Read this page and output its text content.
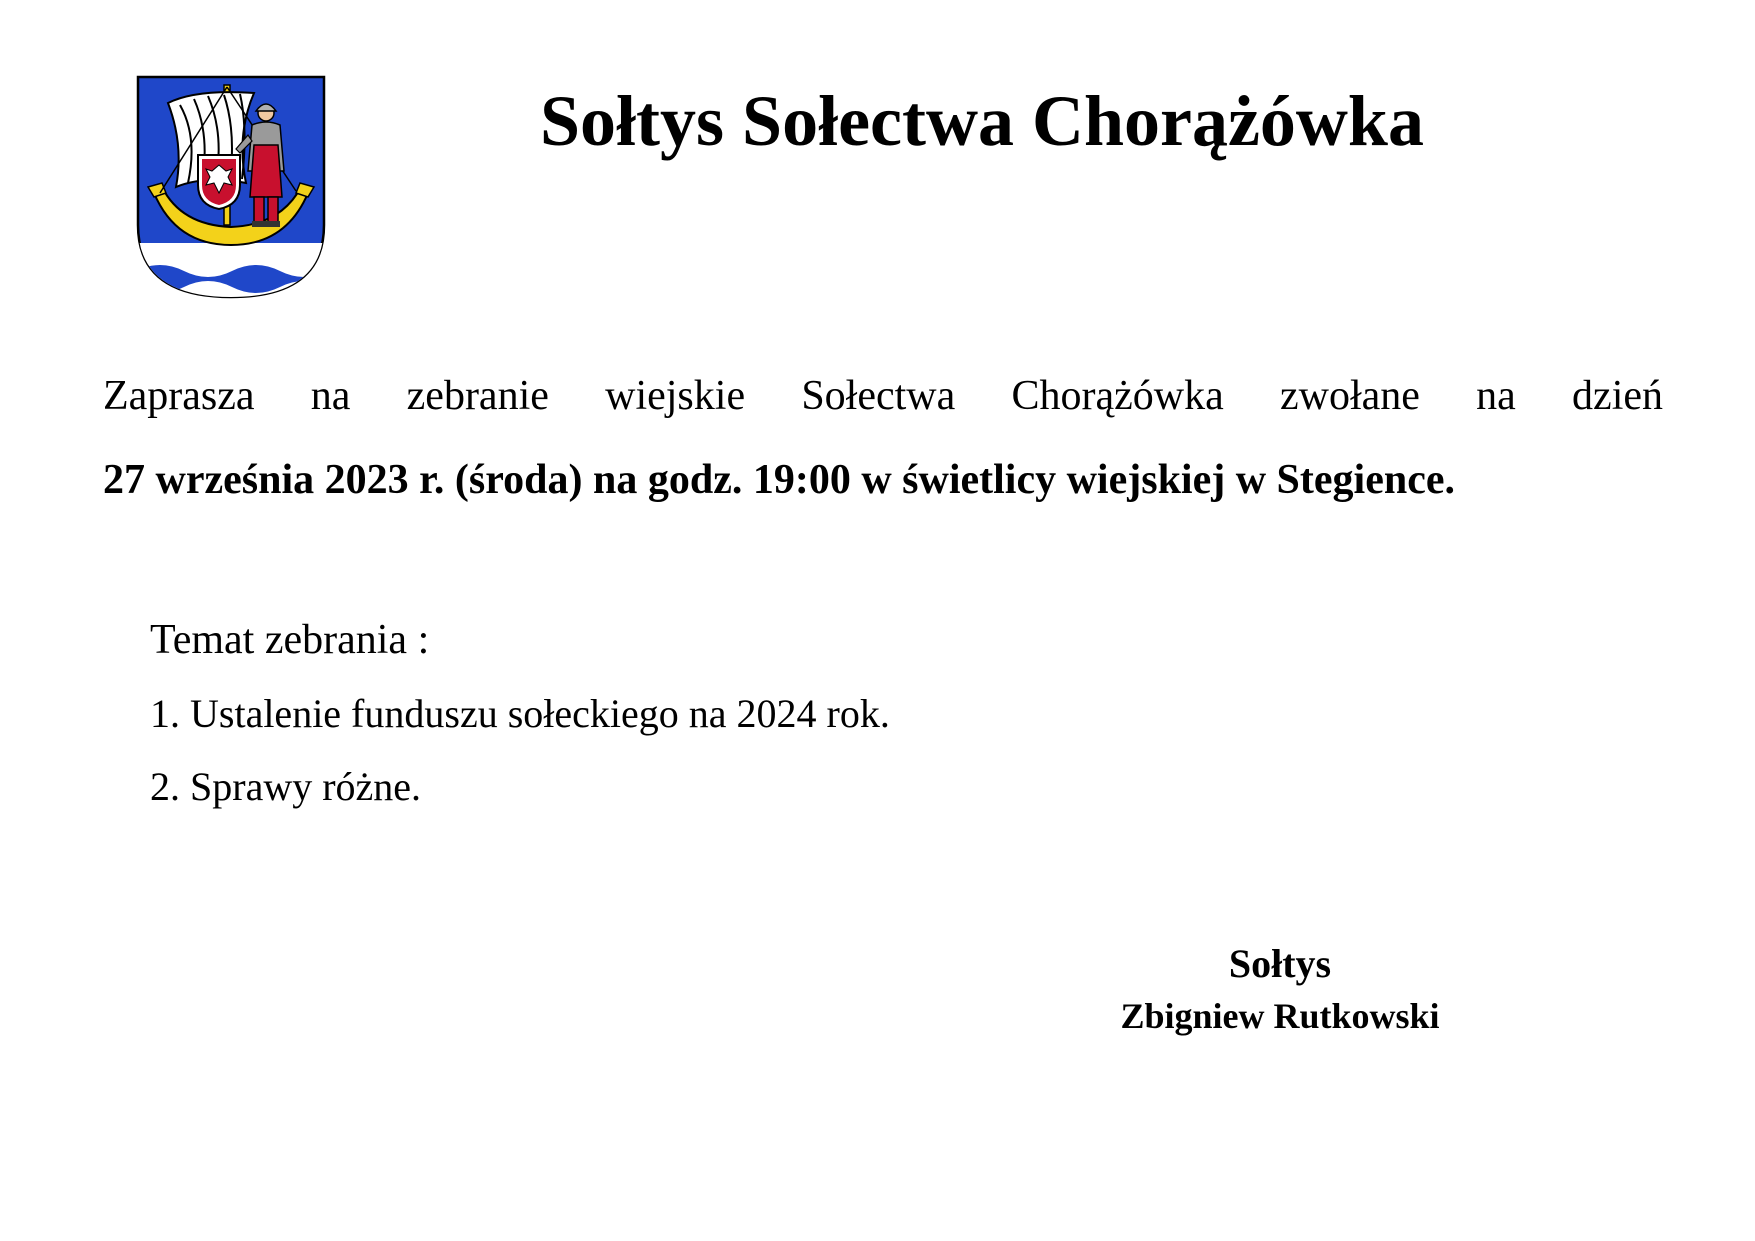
Sołtys Sołectwa Chorążówka
Zaprasza na zebranie wiejskie Sołectwa Chorążówka zwołane na dzień
27 września 2023 r. (środa) na godz. 19:00 w świetlicy wiejskiej w Stegience.
Temat zebrania :
1. Ustalenie funduszu sołeckiego na 2024 rok.
2. Sprawy różne.
Sołtys
Zbigniew Rutkowski
